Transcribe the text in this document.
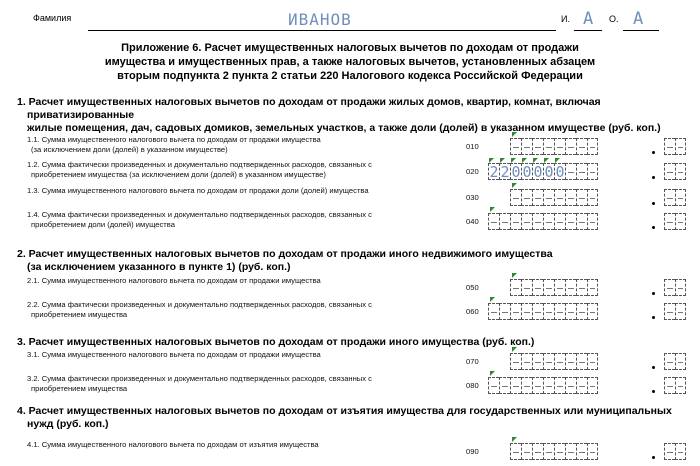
Фамилия	ИВАНОВ	И. А О. А
Приложение 6. Расчет имущественных налоговых вычетов по доходам от продажи
имущества и имущественных прав, а также налоговых вычетов, установленных абзацем
вторым подпункта 2 пункта 2 статьи 220 Налогового кодекса Российской Федерации
1. Расчет имущественных налоговых вычетов по доходам от продажи жилых домов, квартир, комнат, включая
приватизированные
жилые помещения, дач, садовых домиков, земельных участков, а также доли (долей) в указанном имуществе (руб. коп.)
2. Расчет имущественных налоговых вычетов по доходам от продажи иного недвижимого имущества
(за исключением указанного в пункте 1) (руб. коп.)
3. Расчет имущественных налоговых вычетов по доходам от продажи иного имущества (руб. коп.)
4. Расчет имущественных налоговых вычетов по доходам от изъятия имущества для государственных или муниципальных
нужд (руб. коп.)
1.1. Сумма имущественного налогового вычета по доходам от продажи имущества
(за исключением доли (долей) в указанном имуществе)	010
1.2. Сумма фактически произведенных и документально подтвержденных расходов, связанных с
приобретением имущества (за исключением доли (долей) в указанном имуществе)	020 2 2 0 0 0 0 0
1.3. Сумма имущественного налогового вычета по доходам от продажи доли (долей) имущества
030
1.4. Сумма фактически произведенных и документально подтвержденных расходов, связанных с
приобретением доли (долей) имущества	040
2.1. Сумма имущественного налогового вычета по доходам от продажи имущества
050
2.2. Сумма фактически произведенных и документально подтвержденных расходов, связанных с
приобретением имущества	060
3.1. Сумма имущественного налогового вычета по доходам от продажи имущества
070
3.2. Сумма фактически произведенных и документально подтвержденных расходов, связанных с
приобретением имущества	080
4.1. Сумма имущественного налогового вычета по доходам от изъятия имущества
090
